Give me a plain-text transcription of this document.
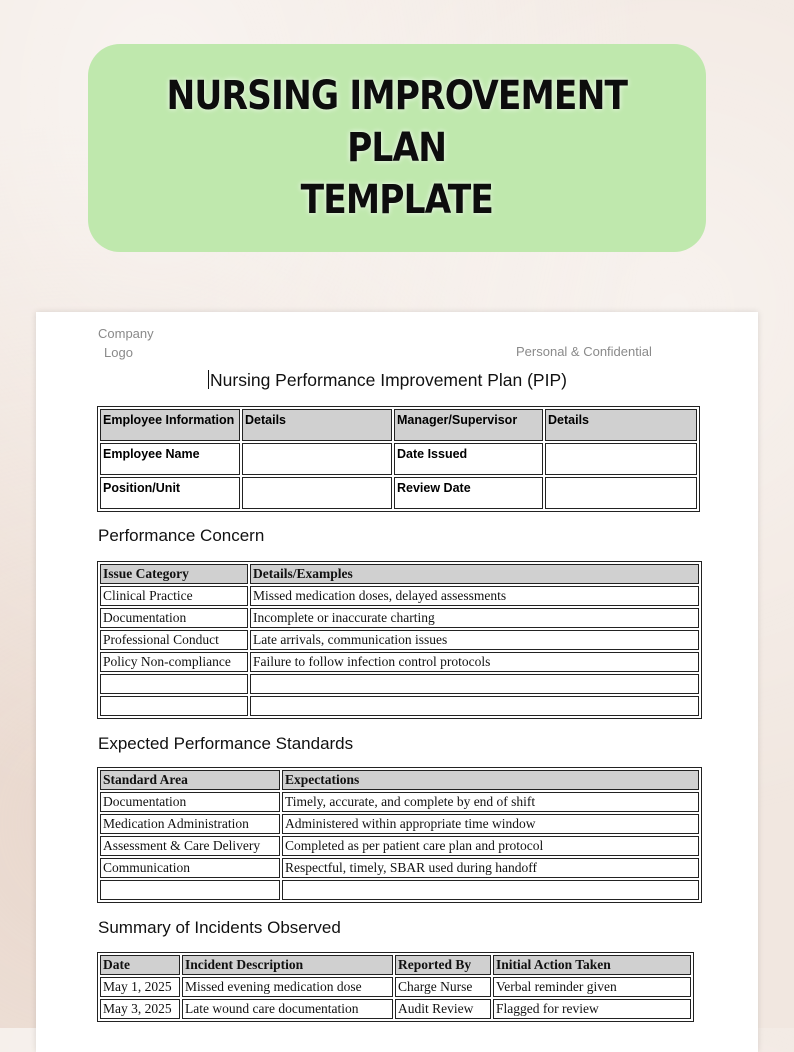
NURSING IMPROVEMENT
PLAN
TEMPLATE
Company
Logo	Personal & Confidential
Nursing Performance Improvement Plan (PIP)
Employee Information	Details	Manager/Supervisor	Details
Employee Name		Date Issued	
Position/Unit		Review Date	
Performance Concern
Issue Category	Details/Examples
Clinical Practice	Missed medication doses, delayed assessments
Documentation	Incomplete or inaccurate charting
Professional Conduct	Late arrivals, communication issues
Policy Non-compliance	Failure to follow infection control protocols

Expected Performance Standards
Standard Area	Expectations
Documentation	Timely, accurate, and complete by end of shift
Medication Administration	Administered within appropriate time window
Assessment & Care Delivery	Completed as per patient care plan and protocol
Communication	Respectful, timely, SBAR used during handoff

Summary of Incidents Observed
Date	Incident Description	Reported By	Initial Action Taken
May 1, 2025	Missed evening medication dose	Charge Nurse	Verbal reminder given
May 3, 2025	Late wound care documentation	Audit Review	Flagged for review
